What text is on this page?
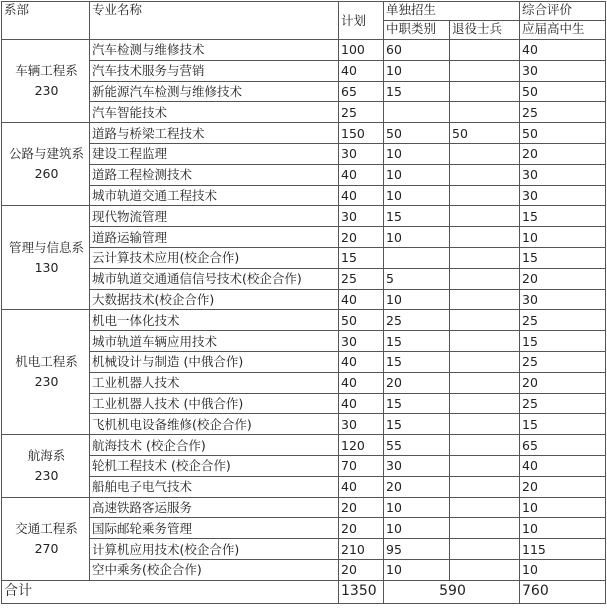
系部	专业名称	计划	单独招生		综合评价
			中职类别	退役士兵	应届高中生

车辆工程系
230	汽车检测与维修技术	100	60		40
	汽车技术服务与营销	40	10		30
	新能源汽车检测与维修技术	65	15		50
	汽车智能技术	25			25

公路与建筑系
260	道路与桥梁工程技术	150	50	50	50
	建设工程监理	30	10		20
	道路工程检测技术	40	10		30
	城市轨道交通工程技术	40	10		30

管理与信息系
130	现代物流管理	30	15		15
	道路运输管理	20	10		10
	云计算技术应用(校企合作)	15			15
	城市轨道交通通信信号技术(校企合作)	25	5		20
	大数据技术(校企合作)	40	10		30

机电工程系
230	机电一体化技术	50	25		25
	城市轨道车辆应用技术	30	15		15
	机械设计与制造 (中俄合作)	40	15		25
	工业机器人技术	40	20		20
	工业机器人技术 (中俄合作)	40	15		25
	飞机机电设备维修(校企合作)	30	15		15

航海系
230	航海技术 (校企合作)	120	55		65
	轮机工程技术 (校企合作)	70	30		40
	船舶电子电气技术	40	20		20

交通工程系
270	高速铁路客运服务	20	10		10
	国际邮轮乘务管理	20	10		10
	计算机应用技术(校企合作)	210	95		115
	空中乘务(校企合作)	20	10		10
合计		1350	590		760
